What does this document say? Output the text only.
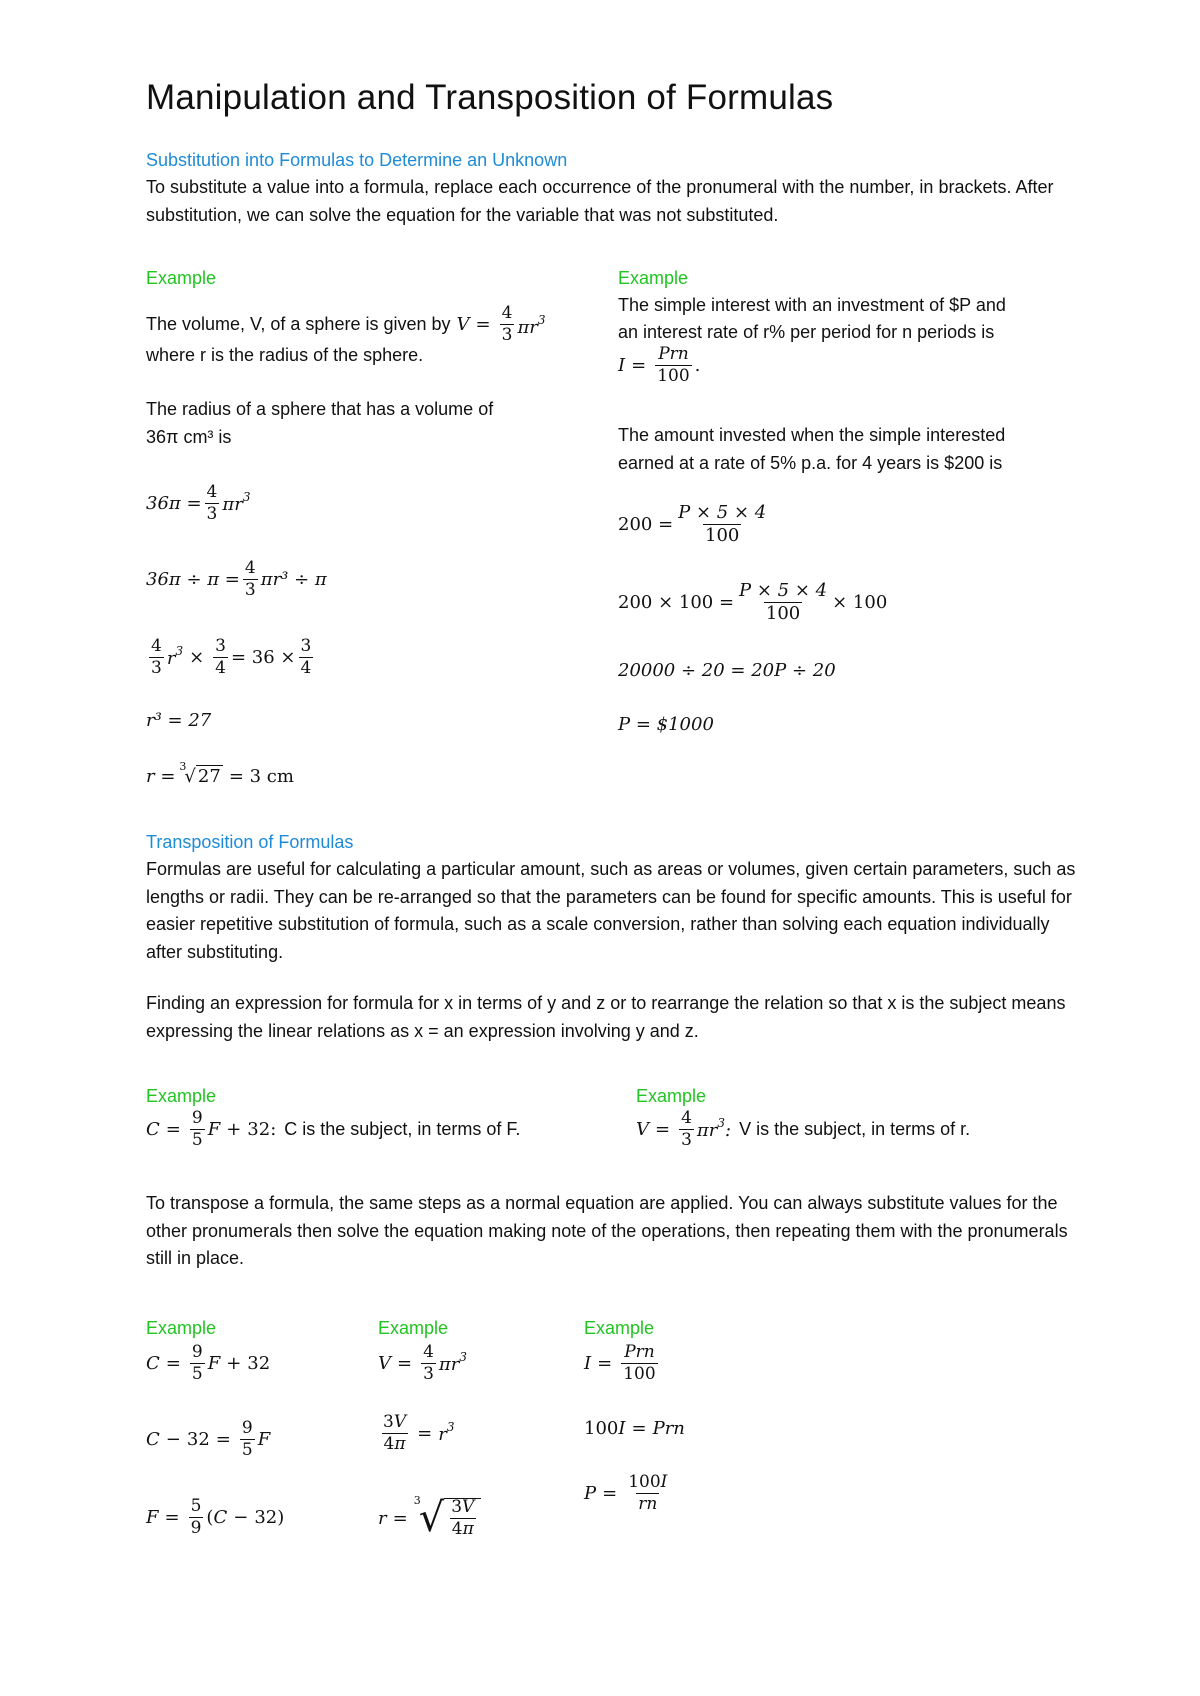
Manipulation and Transposition of Formulas
Substitution into Formulas to Determine an Unknown
To substitute a value into a formula, replace each occurrence of the pronumeral with the number, in brackets. After substitution, we can solve the equation for the variable that was not substituted.
Example
The volume, V, of a sphere is given by $V = \frac{4}{3} \pi r^3$
where r is the radius of the sphere.
The radius of a sphere that has a volume of
36π cm³ is
$36\pi = \frac{4}{3} \pi r^3$
$36\pi \div \pi = \frac{4}{3} \pi r^3 \div \pi$
4
3 $r^3 \times \frac{3}{4} = 36 \times \frac{3}{4}$
r³ = 27
r = 3
√ 27 = 3 cm
Example
The simple interest with an investment of $P and
an interest rate of r% per period for n periods is
I =
Prn
100 .
The amount invested when the simple interested
earned at a rate of 5% p.a. for 4 years is $200 is
$200 = \frac{P \times 5 \times 4}{100}$
$200 \times 100 = \frac{P \times 5 \times 4}{100} \times 100$
20000 ÷ 20 = 20P ÷ 20
P = $1000
Transposition of Formulas
Formulas are useful for calculating a particular amount, such as areas or volumes, given certain parameters, such as lengths or radii. They can be re-arranged so that the parameters can be found for specific amounts. This is useful for easier repetitive substitution of formula, such as a scale conversion, rather than solving each equation individually after substituting.
Finding an expression for formula for x in terms of y and z or to rearrange the relation so that x is the subject means expressing the linear relations as x = an expression involving y and z.
Example
$C = \frac{9}{5}$ F + 32: C is the subject, in terms of F.
Example
$V = \frac{4}{3} \pi r^3$: V is the subject, in terms of r.
To transpose a formula, the same steps as a normal equation are applied. You can always substitute values for the other pronumerals then solve the equation making note of the operations, then repeating them with the pronumerals still in place.
Example
$C = \frac{9}{5}$ F + 32
$C - 32 = \frac{9}{5}$ F
$F = \frac{5}{9}$ ( C − 32)
Example
$V = \frac{4}{3} \pi r^3$
$\frac{3V}{4\pi} = r^3$
r =
3
√ $\frac{3V}{4\pi}$
Example
I =
Prn
100
100I = Prn
$P = \frac{100I}{rn}$
